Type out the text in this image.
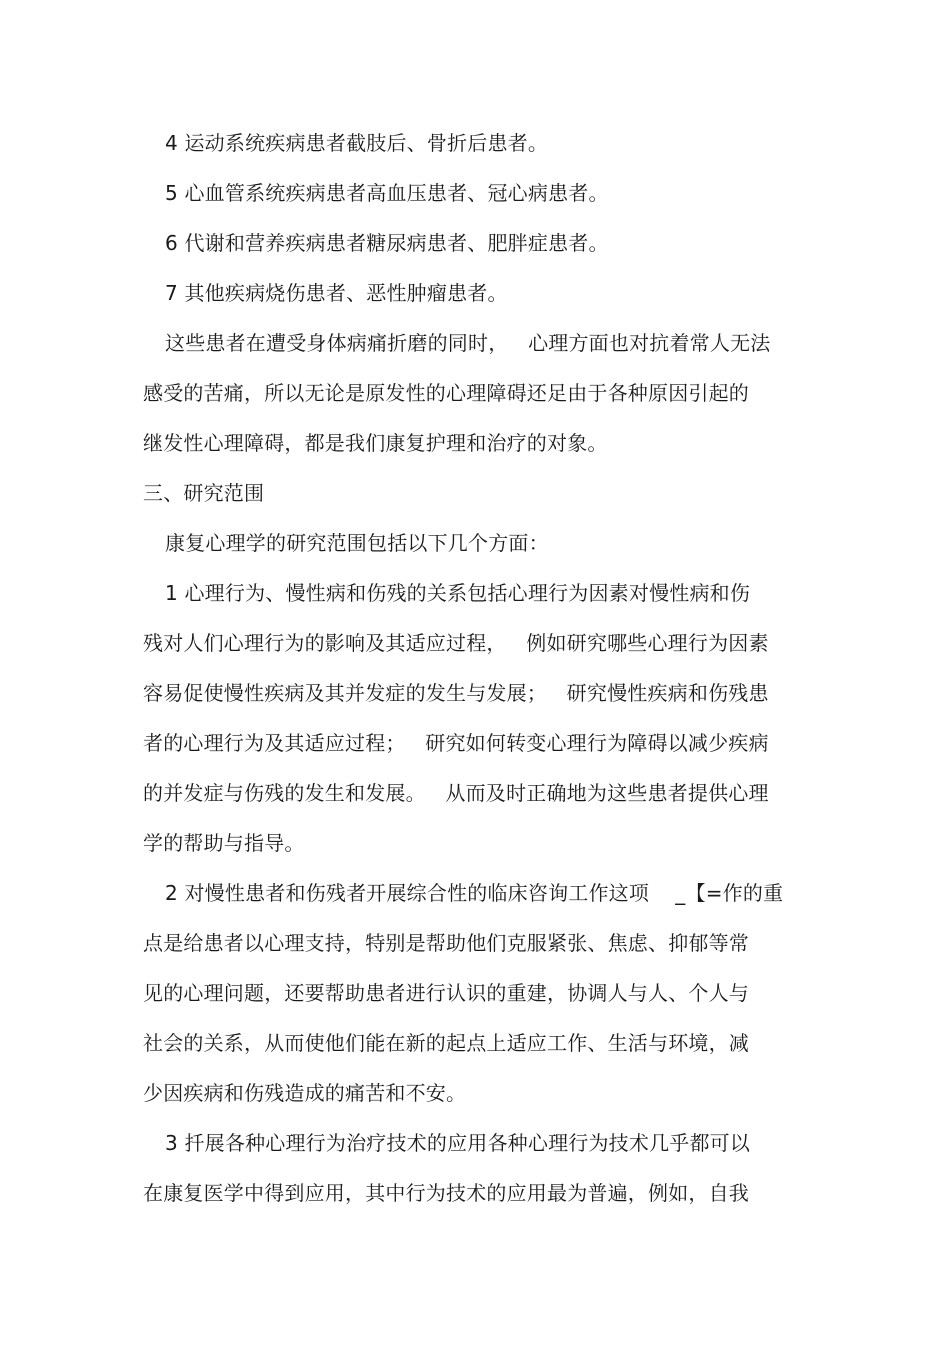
4 运动系统疾病患者截肢后、骨折后患者。
5 心血管系统疾病患者高血压患者、冠心病患者。
6 代谢和营养疾病患者糖尿病患者、肥胖症患者。
7 其他疾病烧伤患者、恶性肿瘤患者。
这些患者在遭受身体病痛折磨的同时，   心理方面也对抗着常人无法
感受的苦痛，所以无论是原发性的心理障碍还足由于各种原因引起的
继发性心理障碍，都是我们康复护理和治疗的对象。
三、研究范围
康复心理学的研究范围包括以下几个方面：
1 心理行为、慢性病和伤残的关系包括心理行为因素对慢性病和伤
残对人们心理行为的影响及其适应过程，   例如研究哪些心理行为因素
容易促使慢性疾病及其并发症的发生与发展；   研究慢性疾病和伤残患
者的心理行为及其适应过程；   研究如何转变心理行为障碍以减少疾病
的并发症与伤残的发生和发展。   从而及时正确地为这些患者提供心理
学的帮助与指导。
2 对慢性患者和伤残者开展综合性的临床咨询工作这项    _【=作的重
点是给患者以心理支持，特别是帮助他们克服紧张、焦虑、抑郁等常
见的心理问题，还要帮助患者进行认识的重建，协调人与人、个人与
社会的关系，从而使他们能在新的起点上适应工作、生活与环境，减
少因疾病和伤残造成的痛苦和不安。
3 扦展各种心理行为治疗技术的应用各种心理行为技术几乎都可以
在康复医学中得到应用，其中行为技术的应用最为普遍，例如，自我
